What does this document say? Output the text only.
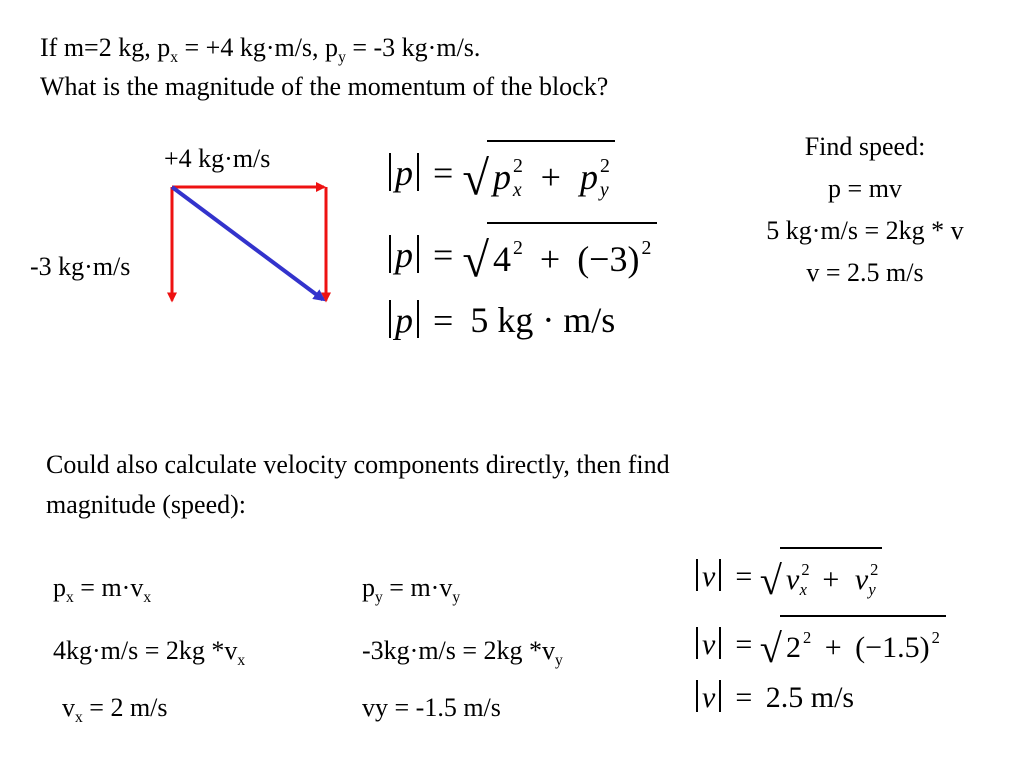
If m=2 kg, $p_x = +4$ kg·m/s, $p_y = -3$ kg·m/s.
What is the magnitude of the momentum of the block?
+4 kg·m/s
-3 kg·m/s
p = √ p $^2$x + p $^2$y
p = √ 4 $^2$ + (−3) $^2$
p = 5 kg · m/s
Find speed:
p = mv
5 kg·m/s = 2kg * v
v = 2.5 m/s
Could also calculate velocity components directly, then find
magnitude (speed):
$p_x = m\cdot v_x$
4kg·m/s = 2kg $*v_x$
$v_x = 2$ m/s
$p_y = m\cdot v_y$
-3kg·m/s = 2kg $*v_y$
vy = -1.5 m/s
v = √ v $^2$x + v $^2$y
v = √ 2 $^2$ + (−1.5) $^2$
v = 2.5 m/s
